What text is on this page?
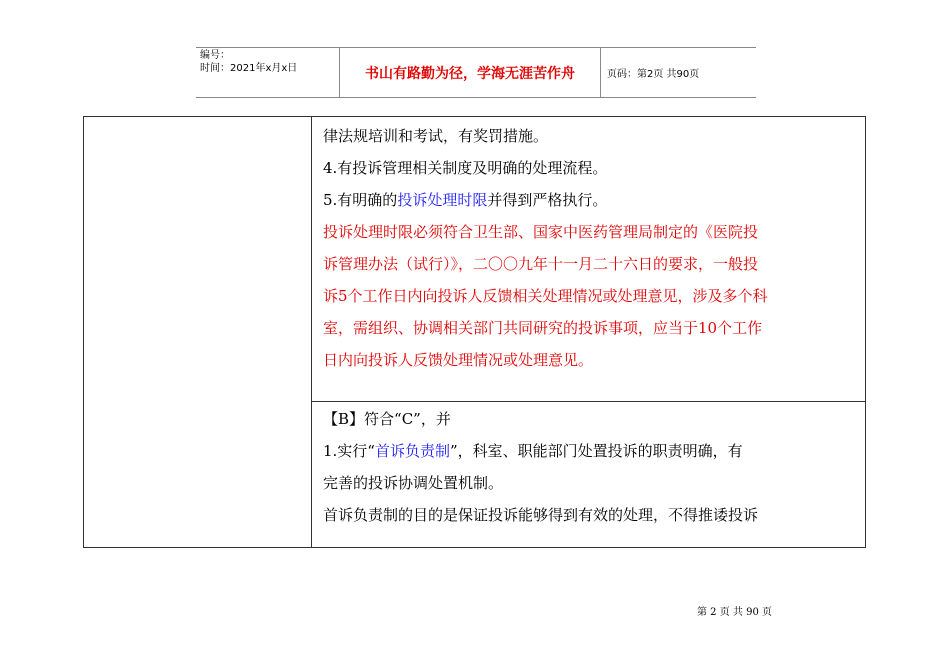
编号：
时间：2021年x月x日	书山有路勤为径，学海无涯苦作舟	页码：第2页 共90页
律法规培训和考试，有奖罚措施。
4.有投诉管理相关制度及明确的处理流程。
5.有明确的投诉处理时限并得到严格执行。
投诉处理时限必须符合卫生部、国家中医药管理局制定的《医院投
诉管理办法（试行）》，二〇〇九年十一月二十六日的要求，一般投
诉5个工作日内向投诉人反馈相关处理情况或处理意见，涉及多个科
室，需组织、协调相关部门共同研究的投诉事项，应当于10个工作
日内向投诉人反馈处理情况或处理意见。
【B】符合“C”，并
1.实行“首诉负责制”，科室、职能部门处置投诉的职责明确，有
完善的投诉协调处置机制。
首诉负责制的目的是保证投诉能够得到有效的处理，不得推诿投诉
第 2 页 共 90 页
